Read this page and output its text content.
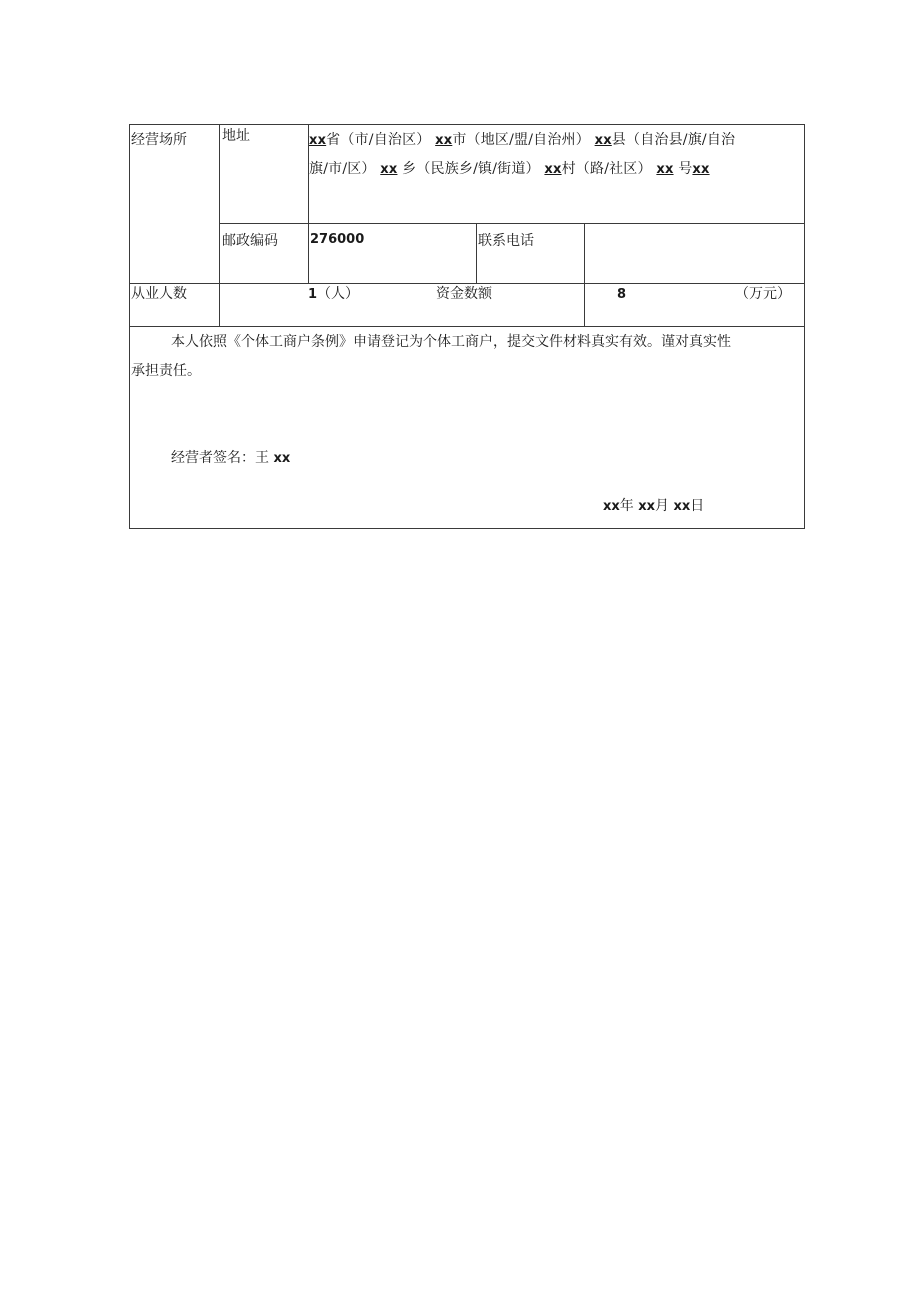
经营场所	地址	xx省（市/自治区） xx市（地区/盟/自治州） xx县（自治县/旗/自治
旗/市/区） xx 乡（民族乡/镇/街道） xx村（路/社区） xx 号xx
邮政编码 276000	联系电话
从业人数	1（人）	资金数额	8	（万元）
本人依照《个体工商户条例》申请登记为个体工商户，提交文件材料真实有效。谨对真实性
承担责任。
经营者签名：王 xx
xx年 xx月 xx日
